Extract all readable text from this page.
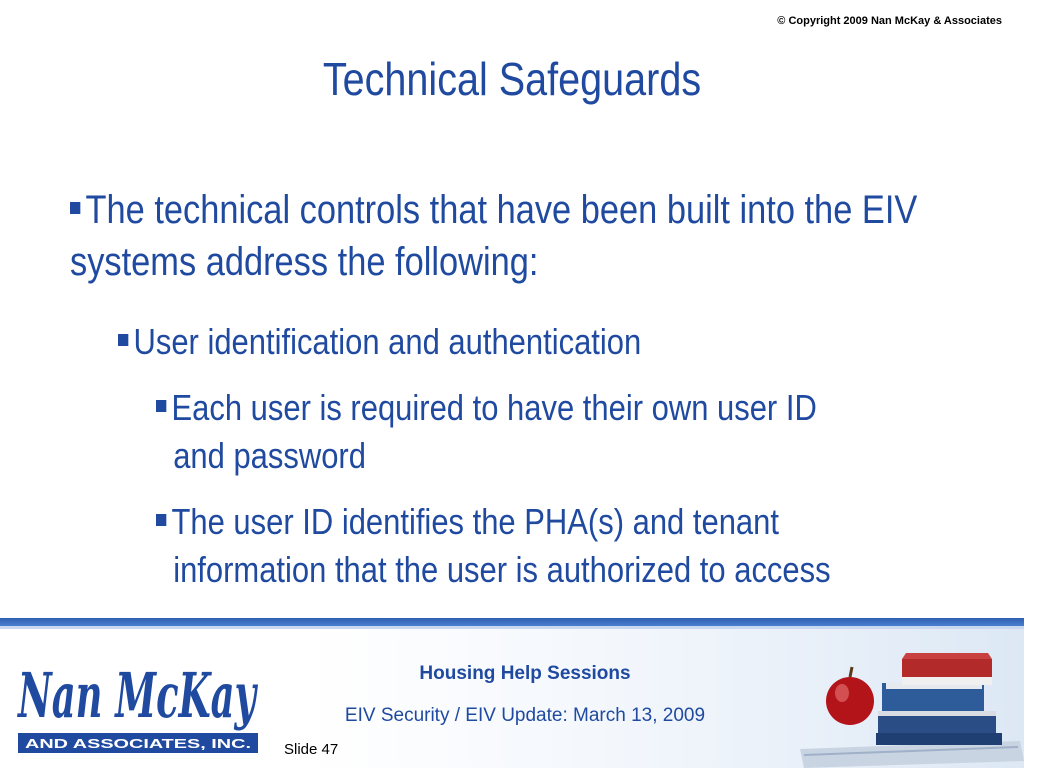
© Copyright 2009 Nan McKay & Associates
Technical Safeguards
The technical controls that have been built into the EIV systems address the following:
User identification and authentication
Each user is required to have their own user ID
and password
The user ID identifies the PHA(s) and tenant
information that the user is authorized to access
Nan McKay
AND ASSOCIATES, INC.
Housing Help Sessions
EIV Security / EIV Update: March 13, 2009
Slide 47
